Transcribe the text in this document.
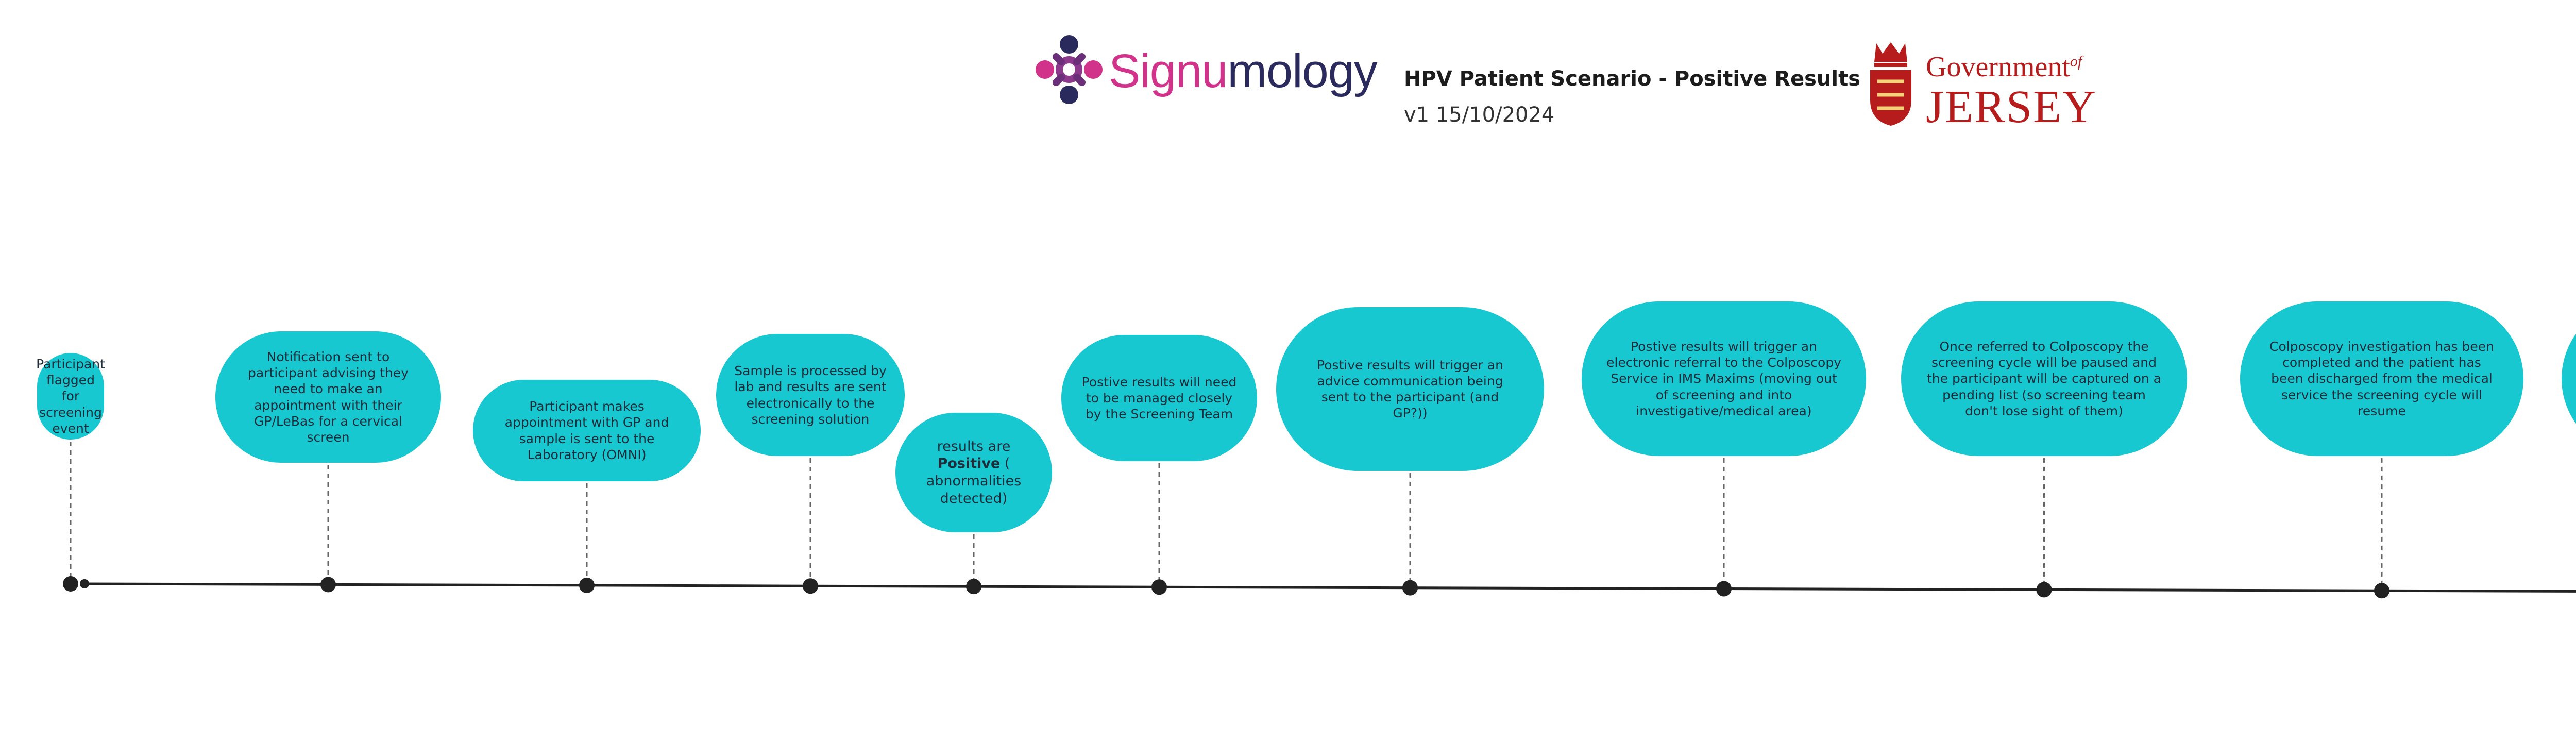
Signumology HPV Patient Scenario - Positive Results
v1 15/10/2024
Government$^{of}$
JERSEY
Participant flagged for screening event
Notification sent to participant advising they need to make an appointment with their GP/LeBas for a cervical screen
Participant makes appointment with GP and sample is sent to the Laboratory (OMNI)
Sample is processed by lab and results are sent electronically to the screening solution
results are Positive ( abnormalities detected)
Postive results will need to be managed closely by the Screening Team
Postive results will trigger an advice communication being sent to the participant (and GP?))
Postive results will trigger an electronic referral to the Colposcopy Service in IMS Maxims (moving out of screening and into investigative/medical area)
Once referred to Colposcopy the screening cycle will be paused and the participant will be captured on a pending list (so screening team don't lose sight of them)
Colposcopy investigation has been completed and the patient has been discharged from the medical service the screening cycle will resume
